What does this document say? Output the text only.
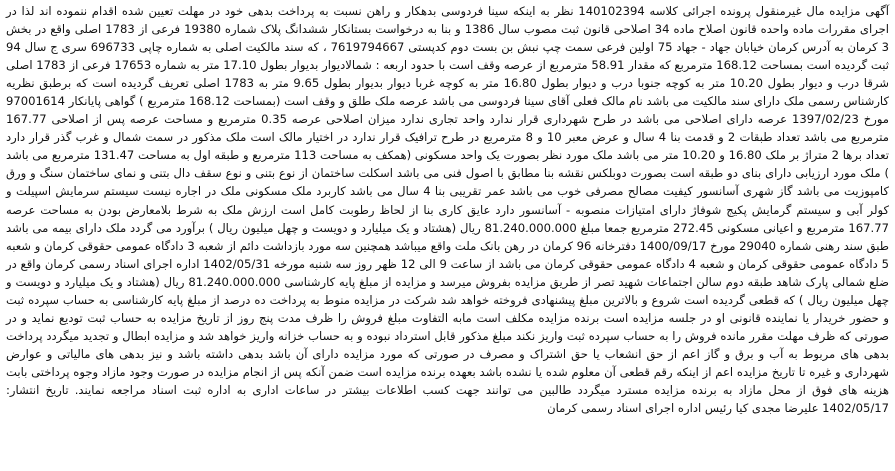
آگهی مزایده مال غیرمنقول پرونده اجرائی کلاسه 140102394 نظر به اینکه سینا فردوسی بدهکار و راهن نسبت به پرداخت بدهی خود در مهلت تعیین شده اقدام ننموده اند لذا در اجرای مقررات ماده واحده قانون اصلاح ماده 34 اصلاحی قانون ثبت مصوب سال 1386 و بنا به درخواست بستانکار ششدانگ پلاک شماره 19380 فرعی از 1783 اصلی واقع در بخش 3 کرمان به آدرس کرمان خیابان جهاد - جهاد 75 اولین فرعی سمت چپ نبش بن بست دوم کدپستی 7619794667 ، که سند مالکیت اصلی به شماره چاپی 696733 سری ج سال 94 ثبت گردیده است بمساحت 168.12 مترمربع که مقدار 58.91 مترمربع از عرصه وقف است با حدود اربعه : شمالادیوار بدیوار بطول 17.10 متر به شماره 17653 فرعی از 1783 اصلی شرقا درب و دیوار بطول 10.20 متر به کوچه جنوبا درب و دیوار بطول 16.80 متر به کوچه غربا دیوار بدیوار بطول 9.65 متر به 1783 اصلی تعریف گردیده است که برطبق نظریه کارشناس رسمی ملک دارای سند مالکیت می باشد نام مالک فعلی آقای سینا فردوسی می باشد عرصه ملک طلق و وقف است (بمساحت 168.12 مترمربع ) گواهی پایانکار 97001614 مورخ 1397/02/23 عرصه دارای اصلاحی می باشد در طرح شهرداری قرار ندارد واحد تجاری ندارد میزان اصلاحی عرصه 0.35 مترمربع و مساحت عرصه پس از اصلاحی 167.77 مترمربع می باشد تعداد طبقات 2 و قدمت بنا 4 سال و عرض معبر 10 و 8 مترمربع در طرح ترافیک قرار ندارد در اختیار مالک است ملک مذکور در سمت شمال و غرب گذر قرار دارد تعداد برها 2 متراژ بر ملک 16.80 و 10.20 متر می باشد ملک مورد نظر بصورت یک واحد مسکونی (همکف به مساحت 113 مترمربع و طبقه اول به مساحت 131.47 مترمربع می باشد ) ملک مورد ارزیابی دارای بنای دو طبقه است بصورت دوبلکس نقشه بنا مطابق با اصول فنی می باشد اسکلت ساختمان از نوع بتنی و نوع سقف دال بتنی و نمای ساختمان سنگ و ورق کامپوزیت می باشد گاز شهری آسانسور کیفیت مصالح مصرفی خوب می باشد عمر تقریبی بنا 4 سال می باشد کاربرد ملک مسکونی ملک در اجاره نیست سیستم سرمایش اسپیلت و کولر آبی و سیستم گرمایش پکیج شوفاژ دارای امتیازات منصوبه - آسانسور دارد عایق کاری بنا از لحاظ رطوبت کامل است ارزش ملک به شرط بلامعارض بودن به مساحت عرصه 167.77 مترمربع و اعیانی مسکونی 272.45 مترمربع جمعا مبلغ 81.240.000.000 ریال (هشتاد و یک میلیارد و دویست و چهل میلیون ریال ) برآورد می گردد ملک دارای بیمه می باشد طبق سند رهنی شماره 29040 مورخ 1400/09/17 دفترخانه 96 کرمان در رهن بانک ملت واقع میباشد همچنین سه مورد بازداشت دائم از شعبه 3 دادگاه عمومی حقوقی کرمان و شعبه 5 دادگاه عمومی حقوقی کرمان و شعبه 4 دادگاه عمومی حقوقی کرمان می باشد از ساعت 9 الی 12 ظهر روز سه شنبه مورخه 1402/05/31 اداره اجرای اسناد رسمی کرمان واقع در ضلع شمالی پارک شاهد طبقه دوم سالن اجتماعات شهید تصر از طریق مزایده بفروش میرسد و مزایده از مبلغ پایه کارشناسی 81.240.000.000 ریال (هشتاد و یک میلیارد و دویست و چهل میلیون ریال ) که قطعی گردیده است شروع و بالاترین مبلغ پیشنهادی فروخته خواهد شد شرکت در مزایده منوط به پرداخت ده درصد از مبلغ پایه کارشناسی به حساب سپرده ثبت و حضور خریدار یا نماینده قانونی او در جلسه مزایده است برنده مزایده مکلف است مابه التفاوت مبلغ فروش را ظرف مدت پنج روز از تاریخ مزایده به حساب ثبت تودیع نماید و در صورتی که ظرف مهلت مقرر مانده فروش را به حساب سپرده ثبت واریز نکند مبلغ مذکور قابل استرداد نبوده و به حساب خزانه واریز خواهد شد و مزایده ابطال و تجدید میگردد پرداخت بدهی های مربوط به آب و برق و گاز اعم از حق انشعاب یا حق اشتراک و مصرف در صورتی که مورد مزایده دارای آن باشد بدهی داشته باشد و نیز بدهی های مالیاتی و عوارض شهرداری و غیره تا تاریخ مزایده اعم از اینکه رقم قطعی آن معلوم شده یا نشده باشد بعهده برنده مزایده است ضمن آنکه پس از انجام مزایده در صورت وجود مازاد وجوه پرداختی بابت هزینه های فوق از محل مازاد به برنده مزایده مسترد میگردد طالبین می توانند جهت کسب اطلاعات بیشتر در ساعات اداری به اداره ثبت اسناد مراجعه نمایند. تاریخ انتشار: 1402/05/17 علیرضا مجدی کیا رئیس اداره اجرای اسناد رسمی کرمان
